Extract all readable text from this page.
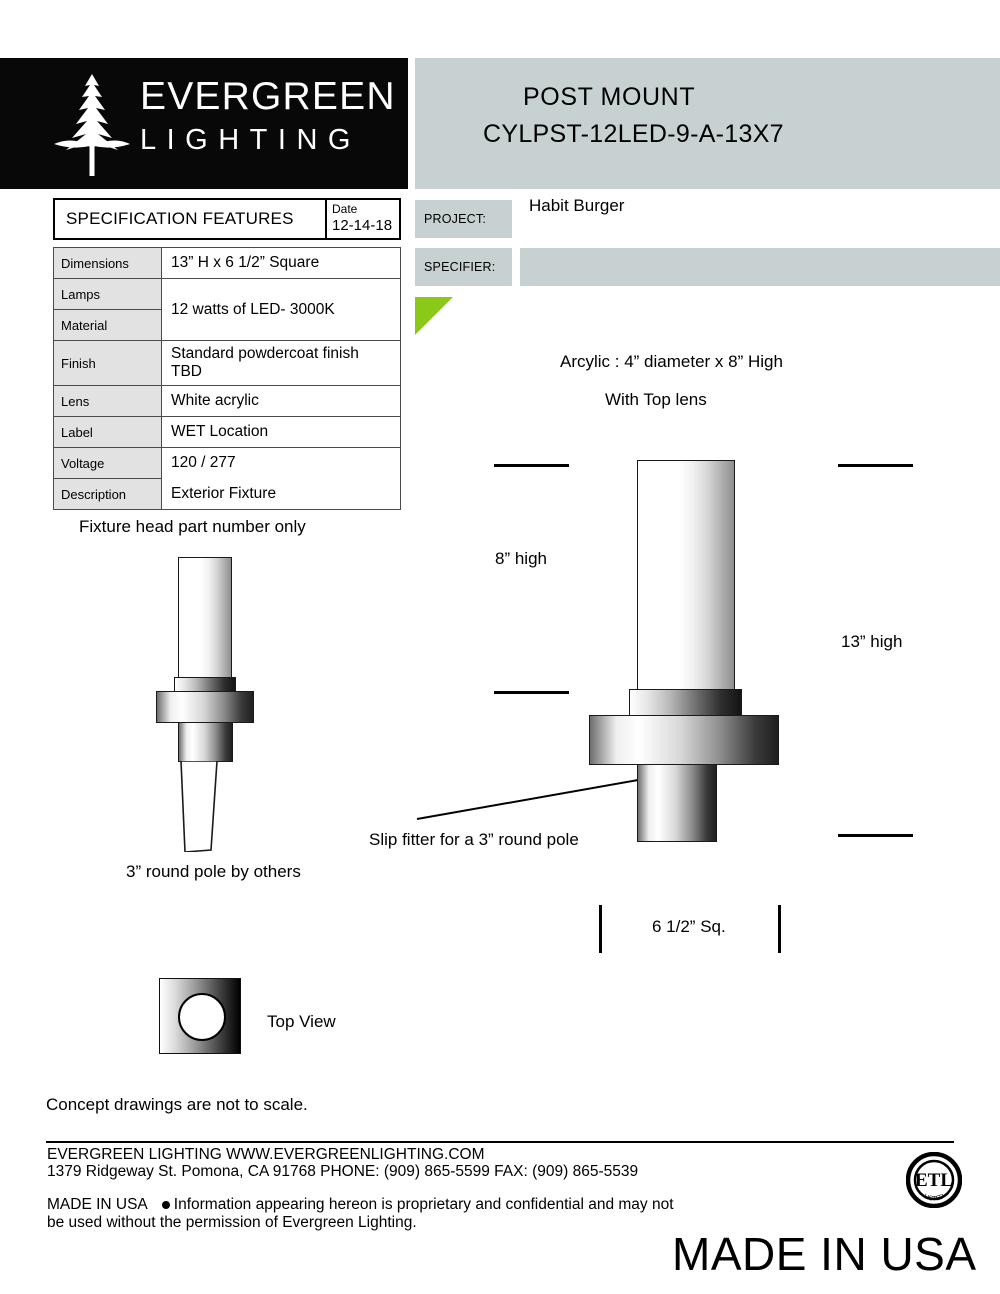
EVERGREEN
LIGHTING
POST MOUNT
CYLPST-12LED-9-A-13X7
SPECIFICATION FEATURES	Date
12-14-18
Dimensions	13” H x 6 1/2” Square
Lamps	12 watts of LED- 3000K
Material	
Finish	Standard powdercoat finish TBD
Lens	White acrylic
Label	WET Location
Voltage	120 / 277
Description	Exterior Fixture
PROJECT:
Habit Burger
SPECIFIER:
Arcylic : 4” diameter x 8” High
With Top lens
Fixture head part number only
3” round pole by others
Slip fitter for a 3” round pole
8” high
13” high
6 1/2” Sq.
Top View
Concept drawings are not to scale.
EVERGREEN LIGHTING WWW.EVERGREENLIGHTING.COM
1379 Ridgeway St. Pomona, CA 91768 PHONE: (909) 865-5599 FAX: (909) 865-5539
MADE IN USA Information appearing hereon is proprietary and confidential and may not
be used without the permission of Evergreen Lighting.
MADE IN USA
ETL
LISTED
